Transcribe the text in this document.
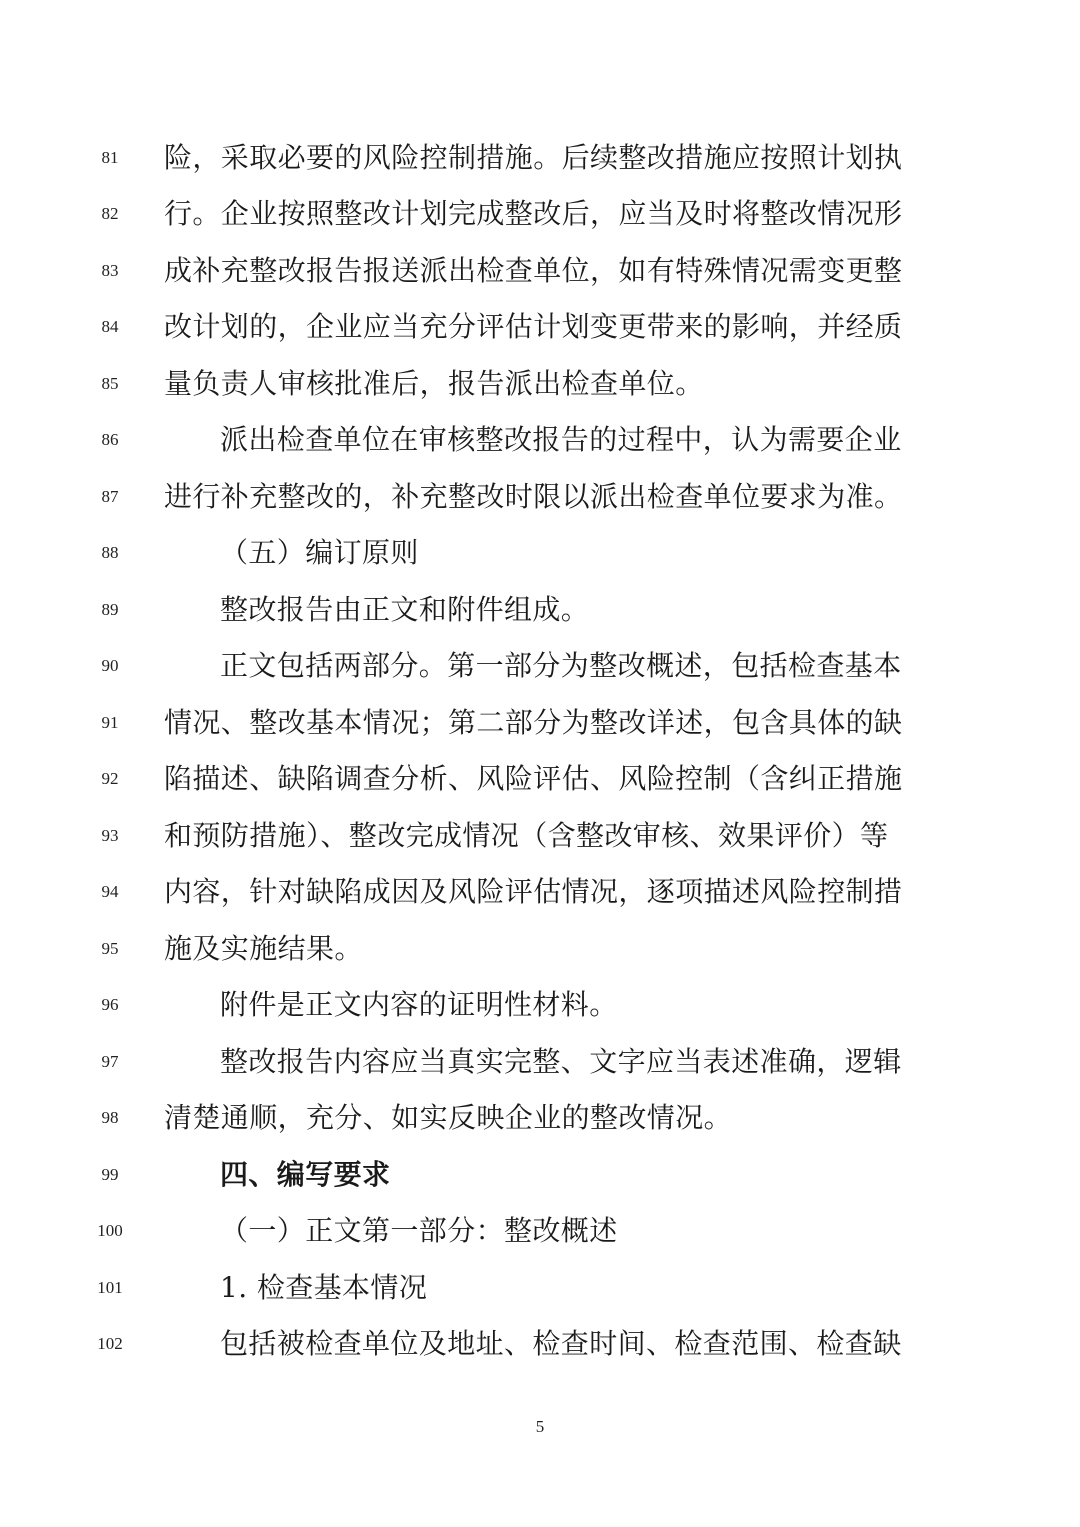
81	险，采取必要的风险控制措施。后续整改措施应按照计划执
82	行。企业按照整改计划完成整改后，应当及时将整改情况形
83	成补充整改报告报送派出检查单位，如有特殊情况需变更整
84	改计划的，企业应当充分评估计划变更带来的影响，并经质
85	量负责人审核批准后，报告派出检查单位。
86	派出检查单位在审核整改报告的过程中，认为需要企业
87	进行补充整改的，补充整改时限以派出检查单位要求为准。
88	（五）编订原则
89	整改报告由正文和附件组成。
90	正文包括两部分。第一部分为整改概述，包括检查基本
91	情况、整改基本情况；第二部分为整改详述，包含具体的缺
92	陷描述、缺陷调查分析、风险评估、风险控制（含纠正措施
93	和预防措施）、整改完成情况（含整改审核、效果评价）等
94	内容，针对缺陷成因及风险评估情况，逐项描述风险控制措
95	施及实施结果。
96	附件是正文内容的证明性材料。
97	整改报告内容应当真实完整、文字应当表述准确，逻辑
98	清楚通顺，充分、如实反映企业的整改情况。
99	四、编写要求
100	（一）正文第一部分：整改概述
101	1. 检查基本情况
102	包括被检查单位及地址、检查时间、检查范围、检查缺
5
